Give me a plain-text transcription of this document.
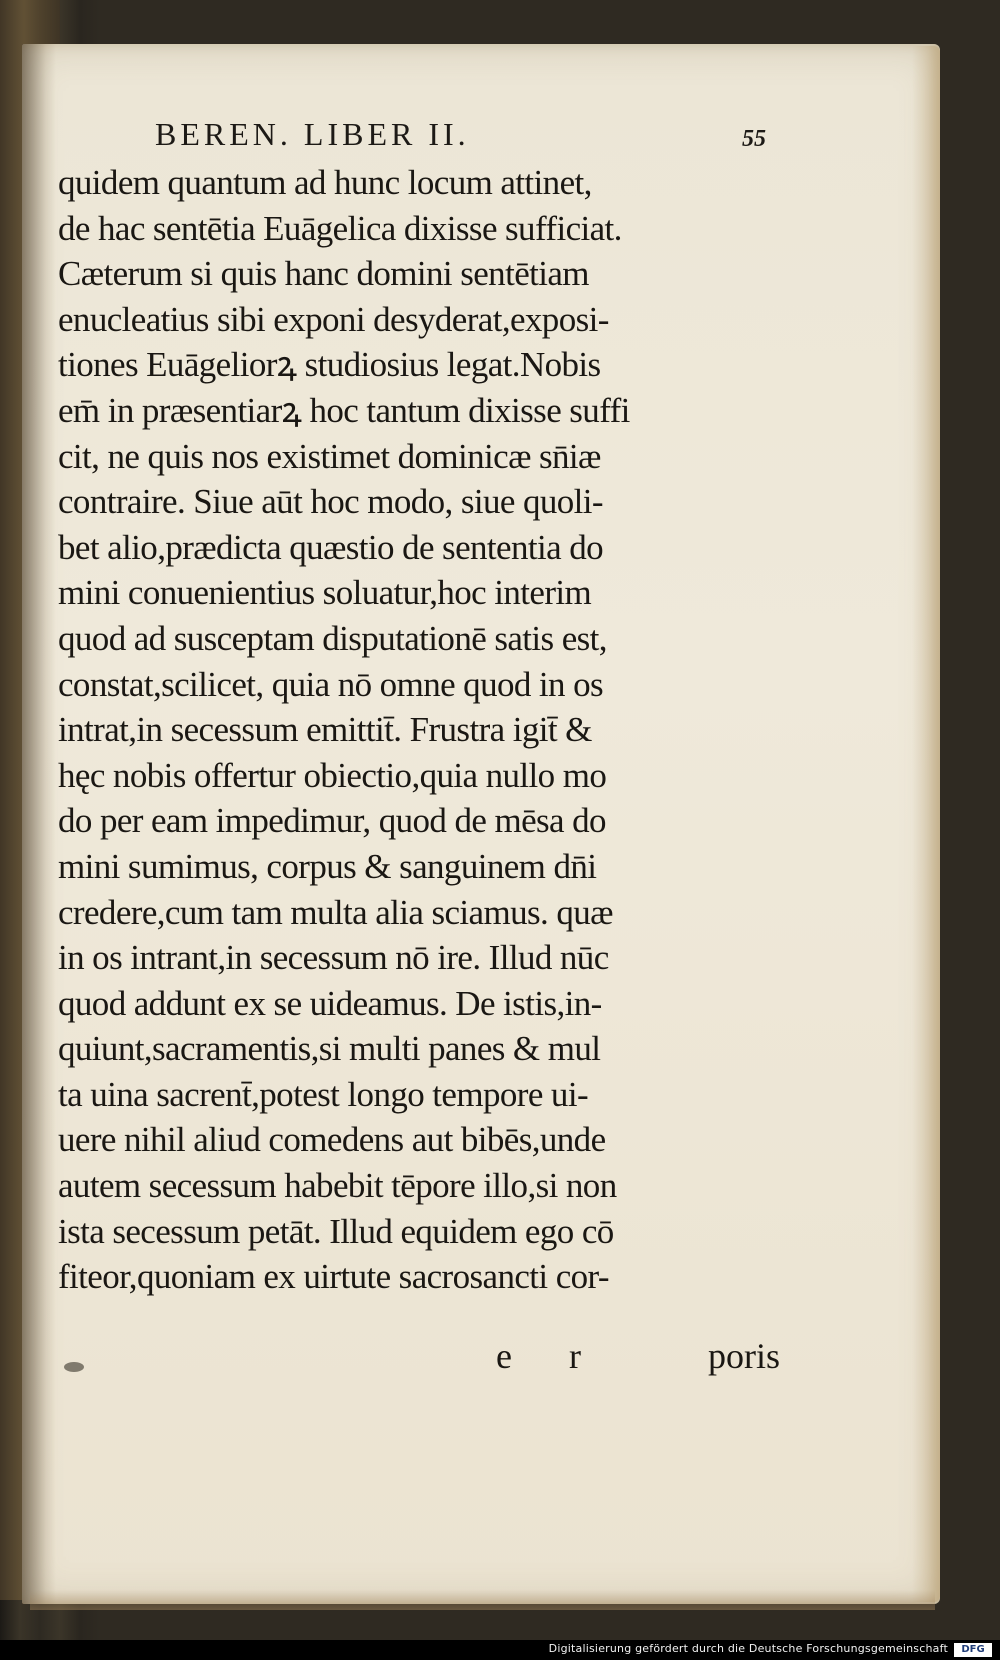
BEREN. LIBER II.	55
quidem quantum ad hunc locum attinet,
de hac sentētia Euāgelica dixisse sufficiat.
Cæterum si quis hanc domini sentētiam
enucleatius sibi exponi desyderat,exposi-
tiones Euāgeliorꝝ studiosius legat.Nobis
em̄ in præsentiarꝝ hoc tantum dixisse suffi
cit, ne quis nos existimet dominicæ sn̄iæ
contraire. Siue aūt hoc modo, siue quoli-
bet alio,prædicta quæstio de sententia do
mini conuenientius soluatur,hoc interim
quod ad susceptam disputationē satis est,
constat,scilicet, quia nō omne quod in os
intrat,in secessum emittit̄. Frustra igit̄ &
hęc nobis offertur obiectio,quia nullo mo
do per eam impedimur, quod de mēsa do
mini sumimus, corpus & sanguinem dn̄i
credere,cum tam multa alia sciamus. quæ
in os intrant,in secessum nō ire. Illud nūc
quod addunt ex se uideamus. De istis,in-
quiunt,sacramentis,si multi panes & mul
ta uina sacrent̄,potest longo tempore ui-
uere nihil aliud comedens aut bibēs,unde
autem secessum habebit tēpore illo,si non
ista secessum petāt. Illud equidem ego cō
fiteor,quoniam ex uirtute sacrosancti cor-
e r	poris
Digitalisierung gefördert durch die Deutsche Forschungsgemeinschaft	DFG
